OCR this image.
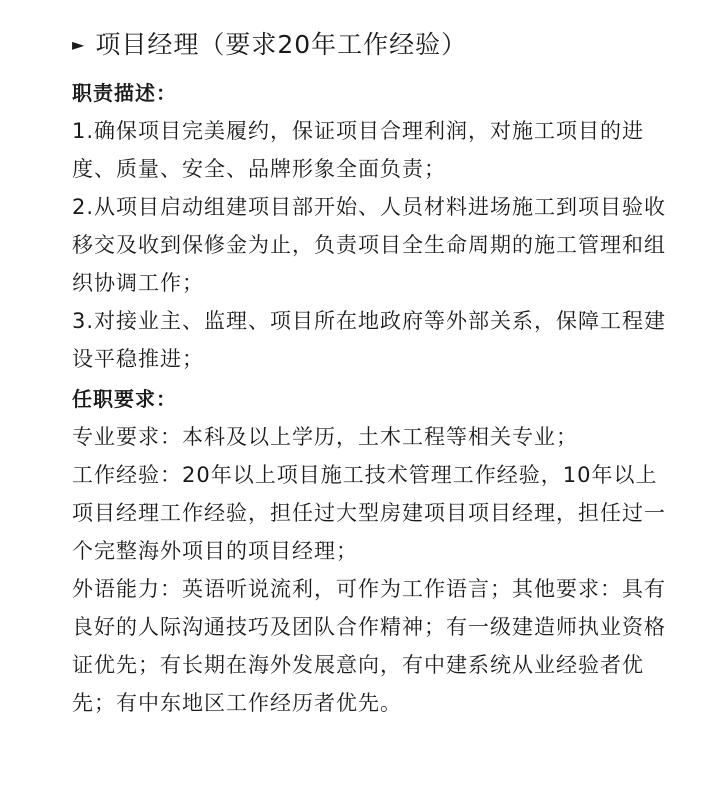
► 项目经理（要求20年工作经验）
职责描述：

1.确保项目完美履约，保证项目合理利润，对施工项目的进度、质量、安全、品牌形象全面负责；

2.从项目启动组建项目部开始、人员材料进场施工到项目验收移交及收到保修金为止，负责项目全生命周期的施工管理和组织协调工作；

3.对接业主、监理、项目所在地政府等外部关系，保障工程建设平稳推进；

任职要求：

专业要求：本科及以上学历，土木工程等相关专业；

工作经验：20年以上项目施工技术管理工作经验，10年以上项目经理工作经验，担任过大型房建项目项目经理，担任过一个完整海外项目的项目经理；

外语能力：英语听说流利，可作为工作语言；其他要求：具有良好的人际沟通技巧及团队合作精神；有一级建造师执业资格证优先；有长期在海外发展意向，有中建系统从业经验者优先；有中东地区工作经历者优先。
